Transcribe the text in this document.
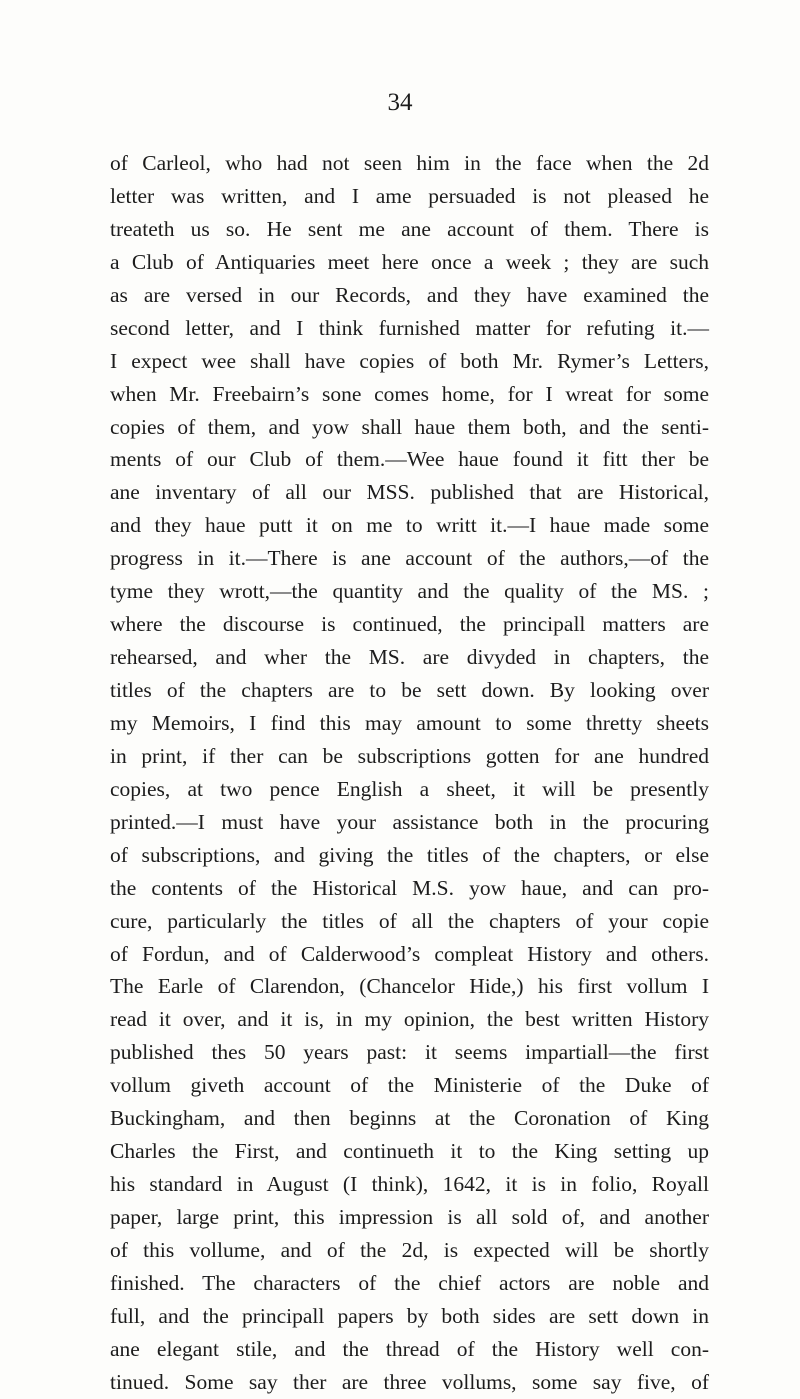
34
of Carleol, who had not seen him in the face when the 2d
letter was written, and I ame persuaded is not pleased he
treateth us so. He sent me ane account of them. There is
a Club of Antiquaries meet here once a week ; they are such
as are versed in our Records, and they have examined the
second letter, and I think furnished matter for refuting it.—
I expect wee shall have copies of both Mr. Rymer’s Letters,
when Mr. Freebairn’s sone comes home, for I wreat for some
copies of them, and yow shall haue them both, and the senti-
ments of our Club of them.—Wee haue found it fitt ther be
ane inventary of all our MSS. published that are Historical,
and they haue putt it on me to writt it.—I haue made some
progress in it.—There is ane account of the authors,—of the
tyme they wrott,—the quantity and the quality of the MS. ;
where the discourse is continued, the principall matters are
rehearsed, and wher the MS. are divyded in chapters, the
titles of the chapters are to be sett down. By looking over
my Memoirs, I find this may amount to some thretty sheets
in print, if ther can be subscriptions gotten for ane hundred
copies, at two pence English a sheet, it will be presently
printed.—I must have your assistance both in the procuring
of subscriptions, and giving the titles of the chapters, or else
the contents of the Historical M.S. yow haue, and can pro-
cure, particularly the titles of all the chapters of your copie
of Fordun, and of Calderwood’s compleat History and others.
The Earle of Clarendon, (Chancelor Hide,) his first vollum I
read it over, and it is, in my opinion, the best written History
published thes 50 years past: it seems impartiall—the first
vollum giveth account of the Ministerie of the Duke of
Buckingham, and then beginns at the Coronation of King
Charles the First, and continueth it to the King setting up
his standard in August (I think), 1642, it is in folio, Royall
paper, large print, this impression is all sold of, and another
of this vollume, and of the 2d, is expected will be shortly
finished. The characters of the chief actors are noble and
full, and the principall papers by both sides are sett down in
ane elegant stile, and the thread of the History well con-
tinued. Some say ther are three vollums, some say five, of
